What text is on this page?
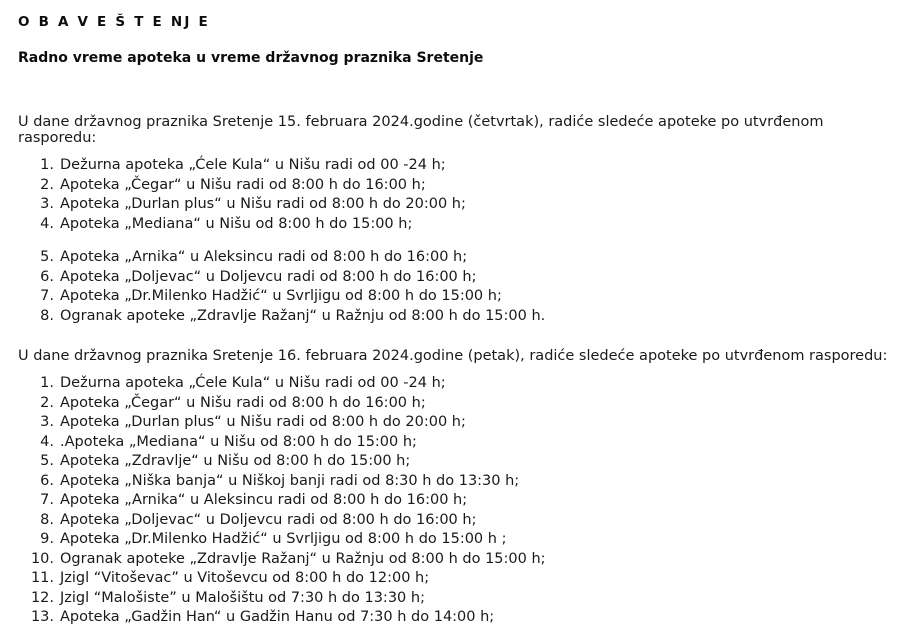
O B A V E Š T E NJ E
Radno vreme apoteka u vreme državnog praznika Sretenje

U dane državnog praznika Sretenje 15. februara 2024.godine (četvrtak), radiće sledeće apoteke po utvrđenom rasporedu:

1. Dežurna apoteka „Ćele Kula“ u Nišu radi od 00 -24 h;
2. Apoteka „Čegar“ u Nišu radi od 8:00 h do 16:00 h;
3. Apoteka „Durlan plus“ u Nišu radi od 8:00 h do 20:00 h;
4. Apoteka „Mediana“ u Nišu od 8:00 h do 15:00 h;
5. Apoteka „Arnika“ u Aleksincu radi od 8:00 h do 16:00 h;
6. Apoteka „Doljevac“ u Doljevcu radi od 8:00 h do 16:00 h;
7. Apoteka „Dr.Milenko Hadžić“ u Svrljigu od 8:00 h do 15:00 h;
8. Ogranak apoteke „Zdravlje Ražanj“ u Ražnju od 8:00 h do 15:00 h.

U dane državnog praznika Sretenje 16. februara 2024.godine (petak), radiće sledeće apoteke po utvrđenom rasporedu:

1. Dežurna apoteka „Ćele Kula“ u Nišu radi od 00 -24 h;
2. Apoteka „Čegar“ u Nišu radi od 8:00 h do 16:00 h;
3. Apoteka „Durlan plus“ u Nišu radi od 8:00 h do 20:00 h;
4. .Apoteka „Mediana“ u Nišu od 8:00 h do 15:00 h;
5. Apoteka „Zdravlje“ u Nišu od 8:00 h do 15:00 h;
6. Apoteka „Niška banja“ u Niškoj banji radi od 8:30 h do 13:30 h;
7. Apoteka „Arnika“ u Aleksincu radi od 8:00 h do 16:00 h;
8. Apoteka „Doljevac“ u Doljevcu radi od 8:00 h do 16:00 h;
9. Apoteka „Dr.Milenko Hadžić“ u Svrljigu od 8:00 h do 15:00 h ;
10. Ogranak apoteke „Zdravlje Ražanj“ u Ražnju od 8:00 h do 15:00 h;
11. Jzigl “Vitoševac” u Vitoševcu od 8:00 h do 12:00 h;
12. Jzigl “Malošiste” u Malošištu od 7:30 h do 13:30 h;
13. Apoteka „Gadžin Han“ u Gadžin Hanu od 7:30 h do 14:00 h;
